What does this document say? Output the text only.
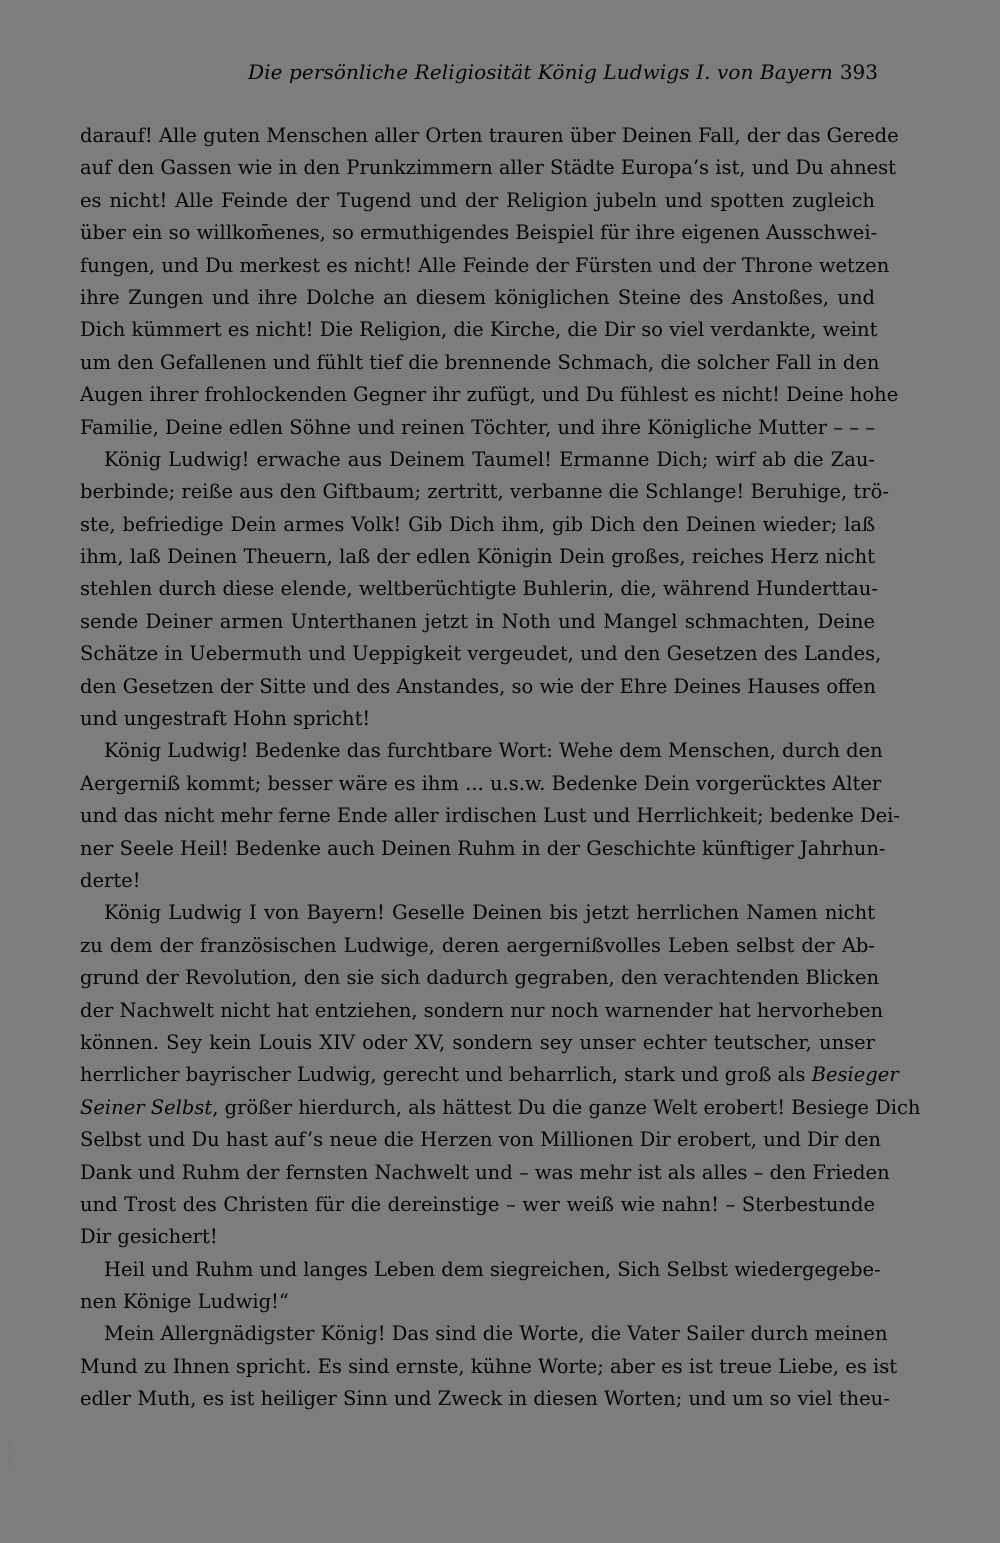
Die persönliche Religiosität König Ludwigs I. von Bayern 393
darauf! Alle guten Menschen aller Orten trauren über Deinen Fall, der das Gerede
auf den Gassen wie in den Prunkzimmern aller Städte Europa’s ist, und Du ahnest
es nicht! Alle Feinde der Tugend und der Religion jubeln und spotten zugleich
über ein so willkom̄enes, so ermuthigendes Beispiel für ihre eigenen Ausschwei-
fungen, und Du merkest es nicht! Alle Feinde der Fürsten und der Throne wetzen
ihre Zungen und ihre Dolche an diesem königlichen Steine des Anstoßes, und
Dich kümmert es nicht! Die Religion, die Kirche, die Dir so viel verdankte, weint
um den Gefallenen und fühlt tief die brennende Schmach, die solcher Fall in den
Augen ihrer frohlockenden Gegner ihr zufügt, und Du fühlest es nicht! Deine hohe
Familie, Deine edlen Söhne und reinen Töchter, und ihre Königliche Mutter – – –
König Ludwig! erwache aus Deinem Taumel! Ermanne Dich; wirf ab die Zau-
berbinde; reiße aus den Giftbaum; zertritt, verbanne die Schlange! Beruhige, trö-
ste, befriedige Dein armes Volk! Gib Dich ihm, gib Dich den Deinen wieder; laß
ihm, laß Deinen Theuern, laß der edlen Königin Dein großes, reiches Herz nicht
stehlen durch diese elende, weltberüchtigte Buhlerin, die, während Hunderttau-
sende Deiner armen Unterthanen jetzt in Noth und Mangel schmachten, Deine
Schätze in Uebermuth und Ueppigkeit vergeudet, und den Gesetzen des Landes,
den Gesetzen der Sitte und des Anstandes, so wie der Ehre Deines Hauses offen
und ungestraft Hohn spricht!
König Ludwig! Bedenke das furchtbare Wort: Wehe dem Menschen, durch den
Aergerniß kommt; besser wäre es ihm ... u.s.w. Bedenke Dein vorgerücktes Alter
und das nicht mehr ferne Ende aller irdischen Lust und Herrlichkeit; bedenke Dei-
ner Seele Heil! Bedenke auch Deinen Ruhm in der Geschichte künftiger Jahrhun-
derte!
König Ludwig I von Bayern! Geselle Deinen bis jetzt herrlichen Namen nicht
zu dem der französischen Ludwige, deren aergernißvolles Leben selbst der Ab-
grund der Revolution, den sie sich dadurch gegraben, den verachtenden Blicken
der Nachwelt nicht hat entziehen, sondern nur noch warnender hat hervorheben
können. Sey kein Louis XIV oder XV, sondern sey unser echter teutscher, unser
herrlicher bayrischer Ludwig, gerecht und beharrlich, stark und groß als Besieger
Seiner Selbst, größer hierdurch, als hättest Du die ganze Welt erobert! Besiege Dich
Selbst und Du hast auf’s neue die Herzen von Millionen Dir erobert, und Dir den
Dank und Ruhm der fernsten Nachwelt und – was mehr ist als alles – den Frieden
und Trost des Christen für die dereinstige – wer weiß wie nahn! – Sterbestunde
Dir gesichert!
Heil und Ruhm und langes Leben dem siegreichen, Sich Selbst wiedergegebe-
nen Könige Ludwig!“
Mein Allergnädigster König! Das sind die Worte, die Vater Sailer durch meinen
Mund zu Ihnen spricht. Es sind ernste, kühne Worte; aber es ist treue Liebe, es ist
edler Muth, es ist heiliger Sinn und Zweck in diesen Worten; und um so viel theu-
⋮
⋮
⋮
